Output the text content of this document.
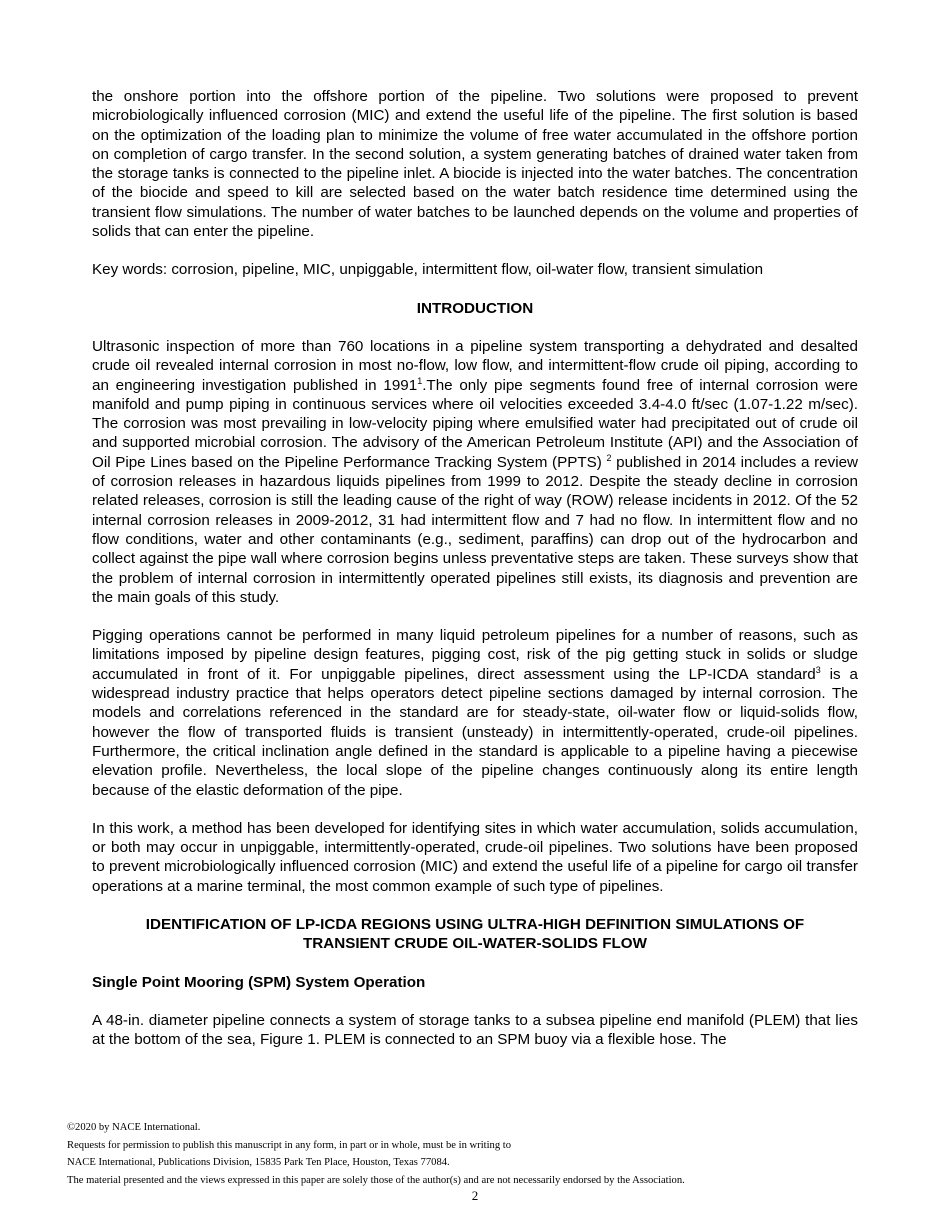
the onshore portion into the offshore portion of the pipeline. Two solutions were proposed to prevent microbiologically influenced corrosion (MIC) and extend the useful life of the pipeline. The first solution is based on the optimization of the loading plan to minimize the volume of free water accumulated in the offshore portion on completion of cargo transfer. In the second solution, a system generating batches of drained water taken from the storage tanks is connected to the pipeline inlet. A biocide is injected into the water batches. The concentration of the biocide and speed to kill are selected based on the water batch residence time determined using the transient flow simulations. The number of water batches to be launched depends on the volume and properties of solids that can enter the pipeline.

Key words: corrosion, pipeline, MIC, unpiggable, intermittent flow, oil-water flow, transient simulation

INTRODUCTION

Ultrasonic inspection of more than 760 locations in a pipeline system transporting a dehydrated and desalted crude oil revealed internal corrosion in most no-flow, low flow, and intermittent-flow crude oil piping, according to an engineering investigation published in 1991$^1$.The only pipe segments found free of internal corrosion were manifold and pump piping in continuous services where oil velocities exceeded 3.4-4.0 ft/sec (1.07-1.22 m/sec). The corrosion was most prevailing in low-velocity piping where emulsified water had precipitated out of crude oil and supported microbial corrosion. The advisory of the American Petroleum Institute (API) and the Association of Oil Pipe Lines based on the Pipeline Performance Tracking System (PPTS) $^2$ published in 2014 includes a review of corrosion releases in hazardous liquids pipelines from 1999 to 2012. Despite the steady decline in corrosion related releases, corrosion is still the leading cause of the right of way (ROW) release incidents in 2012. Of the 52 internal corrosion releases in 2009-2012, 31 had intermittent flow and 7 had no flow. In intermittent flow and no flow conditions, water and other contaminants (e.g., sediment, paraffins) can drop out of the hydrocarbon and collect against the pipe wall where corrosion begins unless preventative steps are taken. These surveys show that the problem of internal corrosion in intermittently operated pipelines still exists, its diagnosis and prevention are the main goals of this study.

Pigging operations cannot be performed in many liquid petroleum pipelines for a number of reasons, such as limitations imposed by pipeline design features, pigging cost, risk of the pig getting stuck in solids or sludge accumulated in front of it. For unpiggable pipelines, direct assessment using the LP-ICDA standard$^3$ is a widespread industry practice that helps operators detect pipeline sections damaged by internal corrosion. The models and correlations referenced in the standard are for steady-state, oil-water flow or liquid-solids flow, however the flow of transported fluids is transient (unsteady) in intermittently-operated, crude-oil pipelines. Furthermore, the critical inclination angle defined in the standard is applicable to a pipeline having a piecewise elevation profile. Nevertheless, the local slope of the pipeline changes continuously along its entire length because of the elastic deformation of the pipe.

In this work, a method has been developed for identifying sites in which water accumulation, solids accumulation, or both may occur in unpiggable, intermittently-operated, crude-oil pipelines. Two solutions have been proposed to prevent microbiologically influenced corrosion (MIC) and extend the useful life of a pipeline for cargo oil transfer operations at a marine terminal, the most common example of such type of pipelines.

IDENTIFICATION OF LP-ICDA REGIONS USING ULTRA-HIGH DEFINITION SIMULATIONS OF
TRANSIENT CRUDE OIL-WATER-SOLIDS FLOW
Single Point Mooring (SPM) System Operation

A 48-in. diameter pipeline connects a system of storage tanks to a subsea pipeline end manifold (PLEM) that lies at the bottom of the sea, Figure 1. PLEM is connected to an SPM buoy via a flexible hose. The

©2020 by NACE International.
Requests for permission to publish this manuscript in any form, in part or in whole, must be in writing to
NACE International, Publications Division, 15835 Park Ten Place, Houston, Texas 77084.
The material presented and the views expressed in this paper are solely those of the author(s) and are not necessarily endorsed by the Association.
2
